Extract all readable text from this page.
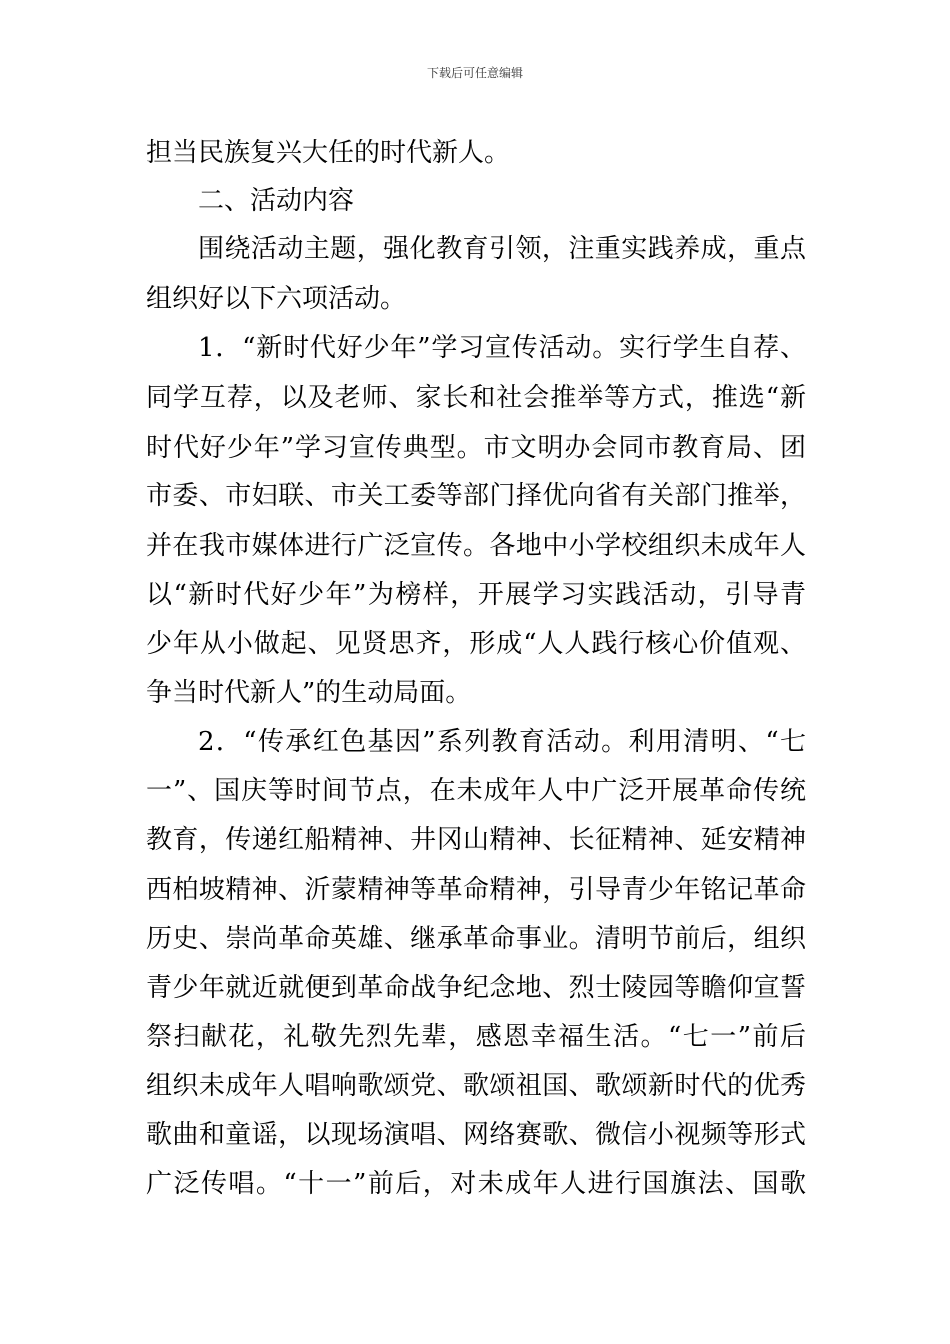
下载后可任意编辑
担当民族复兴大任的时代新人。
二、活动内容
围绕活动主题，强化教育引领，注重实践养成，重点
组织好以下六项活动。
1．“新时代好少年”学习宣传活动。实行学生自荐、
同学互荐，以及老师、家长和社会推举等方式，推选“新
时代好少年”学习宣传典型。市文明办会同市教育局、团
市委、市妇联、市关工委等部门择优向省有关部门推举，
并在我市媒体进行广泛宣传。各地中小学校组织未成年人
以“新时代好少年”为榜样，开展学习实践活动，引导青
少年从小做起、见贤思齐，形成“人人践行核心价值观、
争当时代新人”的生动局面。
2．“传承红色基因”系列教育活动。利用清明、“七
一”、国庆等时间节点，在未成年人中广泛开展革命传统
教育，传递红船精神、井冈山精神、长征精神、延安精神
西柏坡精神、沂蒙精神等革命精神，引导青少年铭记革命
历史、崇尚革命英雄、继承革命事业。清明节前后，组织
青少年就近就便到革命战争纪念地、烈士陵园等瞻仰宣誓
祭扫献花，礼敬先烈先辈，感恩幸福生活。“七一”前后
组织未成年人唱响歌颂党、歌颂祖国、歌颂新时代的优秀
歌曲和童谣，以现场演唱、网络赛歌、微信小视频等形式
广泛传唱。“十一”前后，对未成年人进行国旗法、国歌
